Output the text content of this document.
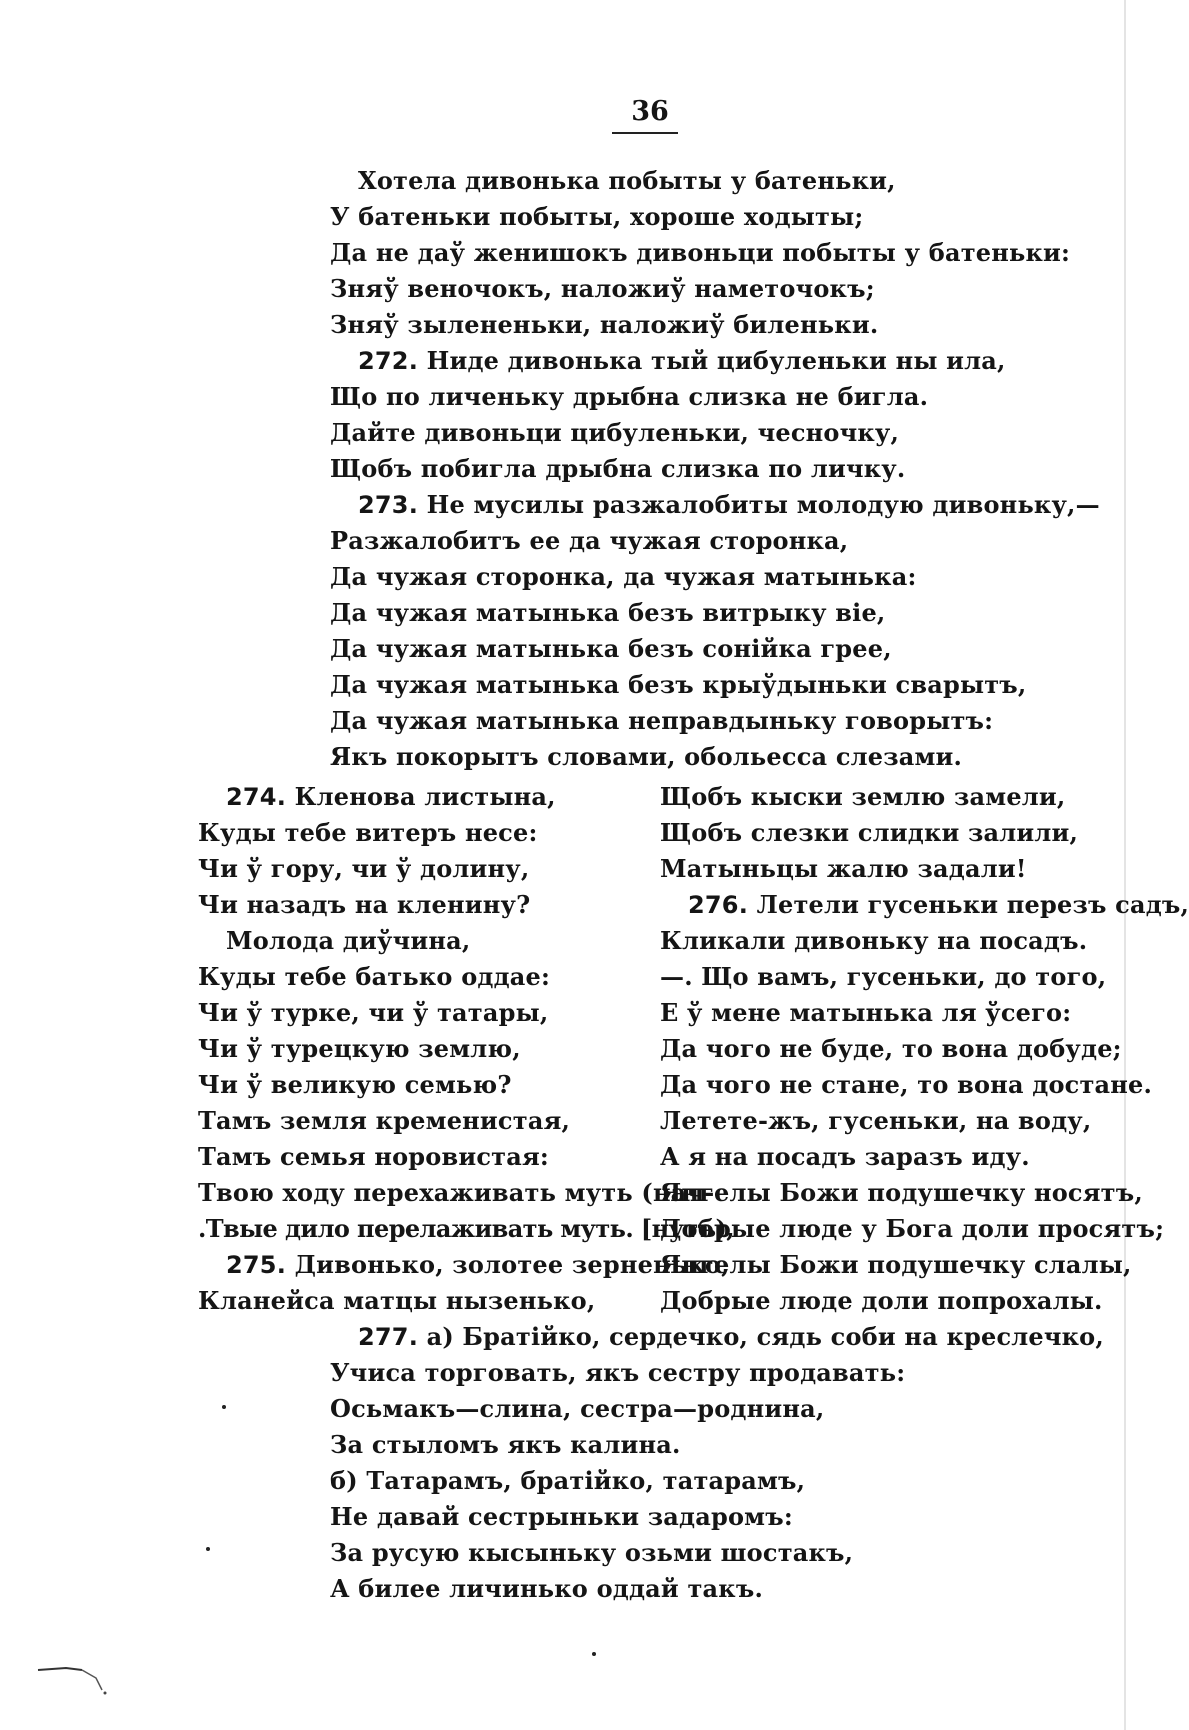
36
Хотела дивонька побыты у батеньки,
У батеньки побыты, хороше ходыты;
Да не даў женишокъ дивоньци побыты у батеньки:
Зняў веночокъ, наложиў наметочокъ;
Зняў зылененьки, наложиў биленьки.
272. Ниде дивонька тый цибуленьки ны ила,
Що по личеньку дрыбна слизка не бигла.
Дайте дивоньци цибуленьки, чесночку,
Щобъ побигла дрыбна слизка по личку.
273. Не мусилы разжалобиты молодую дивоньку,—
Разжалобитъ ее да чужая сторонка,
Да чужая сторонка, да чужая матынька:
Да чужая матынька безъ витрыку віе,
Да чужая матынька безъ сонійка грее,
Да чужая матынька безъ крыўдыньки сварытъ,
Да чужая матынька неправдыньку говорытъ:
Якъ покорытъ словами, обольесса слезами.
274. Кленова листына,
Куды тебе витеръ несе:
Чи ў гору, чи ў долину,
Чи назадъ на кленину?
Молода диўчина,
Куды тебе батько оддае:
Чи ў турке, чи ў татары,
Чи ў турецкую землю,
Чи ў великую семью?
Тамъ земля кременистая,
Тамъ семья норовистая:
Твою ходу перехаживать муть (нач-
.Твые дило перелаживать муть. [нутъ),
275. Дивонько, золотее зерненько,
Кланейса матцы нызенько,
Щобъ кыски землю замели,
Щобъ слезки слидки залили,
Матыньцы жалю задали!
276. Летели гусеньки перезъ садъ,
Кликали дивоньку на посадъ.
—. Що вамъ, гусеньки, до того,
Е ў мене матынька ля ўсего:
Да чого не буде, то вона добуде;
Да чого не стане, то вона достане.
Летете-жъ, гусеньки, на воду,
А я на посадъ заразъ иду.
Янгелы Божи подушечку носятъ,
Добрые люде у Бога доли просятъ;
Янгелы Божи подушечку слалы,
Добрые люде доли попрохалы.
277. а) Братійко, сердечко, сядь соби на креслечко,
Учиса торговать, якъ сестру продавать:
Осьмакъ—слина, сестра—роднина,
За стыломъ якъ калина.
б) Татарамъ, братійко, татарамъ,
Не давай сестрыньки задаромъ:
За русую кысыньку озьми шостакъ,
А билее личинько оддай такъ.
